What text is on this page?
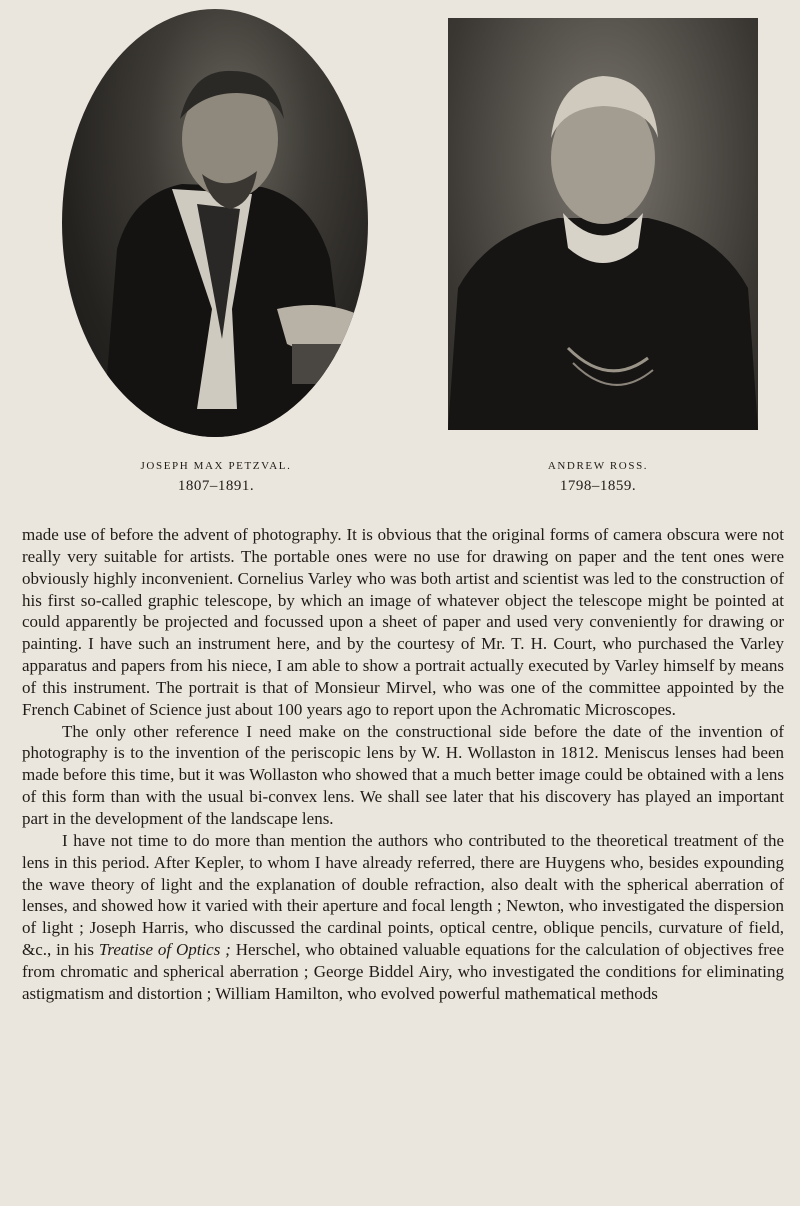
JOSEPH MAX PETZVAL.
1807–1891.
ANDREW ROSS.
1798–1859.

made use of before the advent of photography. It is obvious that the original forms of camera obscura were not really very suitable for artists. The portable ones were no use for drawing on paper and the tent ones were obviously highly inconvenient. Cornelius Varley who was both artist and scientist was led to the construction of his first so-called graphic telescope, by which an image of whatever object the telescope might be pointed at could apparently be projected and focussed upon a sheet of paper and used very conveniently for drawing or painting. I have such an instrument here, and by the courtesy of Mr. T. H. Court, who purchased the Varley apparatus and papers from his niece, I am able to show a portrait actually executed by Varley himself by means of this instrument. The portrait is that of Monsieur Mirvel, who was one of the committee appointed by the French Cabinet of Science just about 100 years ago to report upon the Achromatic Microscopes.

The only other reference I need make on the constructional side before the date of the invention of photography is to the invention of the periscopic lens by W. H. Wollaston in 1812. Meniscus lenses had been made before this time, but it was Wollaston who showed that a much better image could be obtained with a lens of this form than with the usual bi-convex lens. We shall see later that his discovery has played an important part in the development of the landscape lens.

I have not time to do more than mention the authors who contributed to the theoretical treatment of the lens in this period. After Kepler, to whom I have already referred, there are Huygens who, besides expounding the wave theory of light and the explanation of double refraction, also dealt with the spherical aberration of lenses, and showed how it varied with their aperture and focal length ; Newton, who investigated the dispersion of light ; Joseph Harris, who discussed the cardinal points, optical centre, oblique pencils, curvature of field, &c., in his Treatise of Optics ; Herschel, who obtained valuable equations for the calculation of objectives free from chromatic and spherical aberration ; George Biddel Airy, who investigated the conditions for eliminating astigmatism and distortion ; William Hamilton, who evolved powerful mathematical methods
